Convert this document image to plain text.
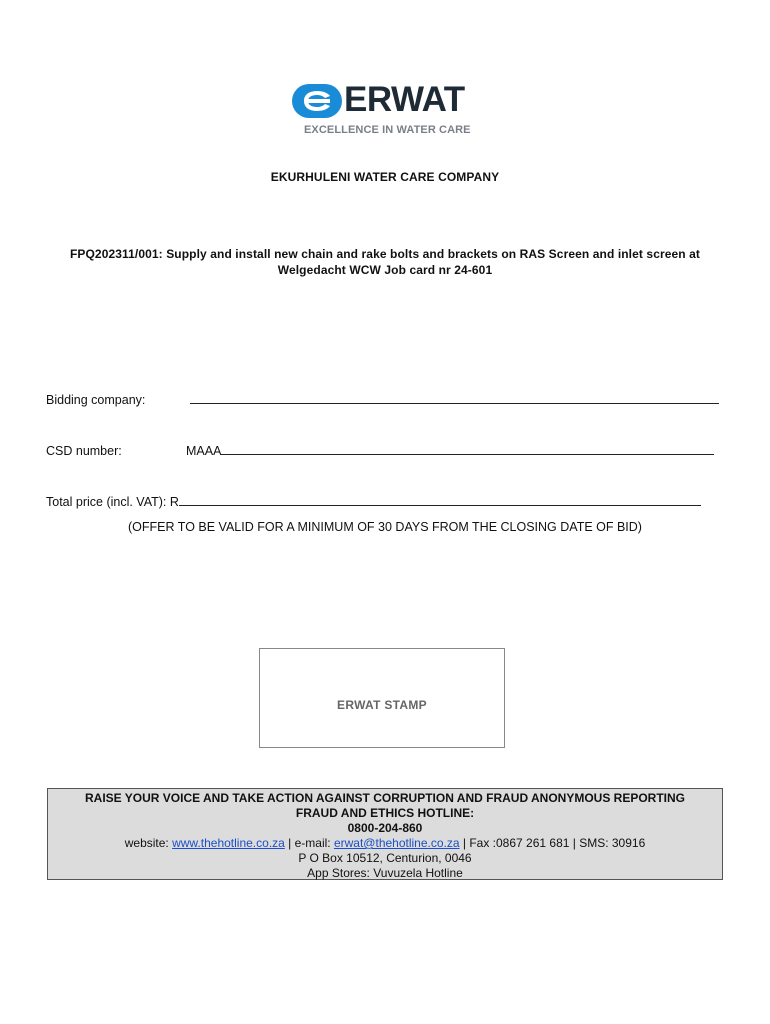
ERWAT
EXCELLENCE IN WATER CARE
EKURHULENI WATER CARE COMPANY
FPQ202311/001: Supply and install new chain and rake bolts and brackets on RAS Screen and inlet screen at
Welgedacht WCW Job card nr 24-601
Bidding company:
CSD number:	MAAA
Total price (incl. VAT): R
(OFFER TO BE VALID FOR A MINIMUM OF 30 DAYS FROM THE CLOSING DATE OF BID)
ERWAT STAMP
RAISE YOUR VOICE AND TAKE ACTION AGAINST CORRUPTION AND FRAUD ANONYMOUS REPORTING
FRAUD AND ETHICS HOTLINE:
0800-204-860
website: www.thehotline.co.za | e-mail: erwat@thehotline.co.za | Fax :0867 261 681 | SMS: 30916
P O Box 10512, Centurion, 0046
App Stores: Vuvuzela Hotline
